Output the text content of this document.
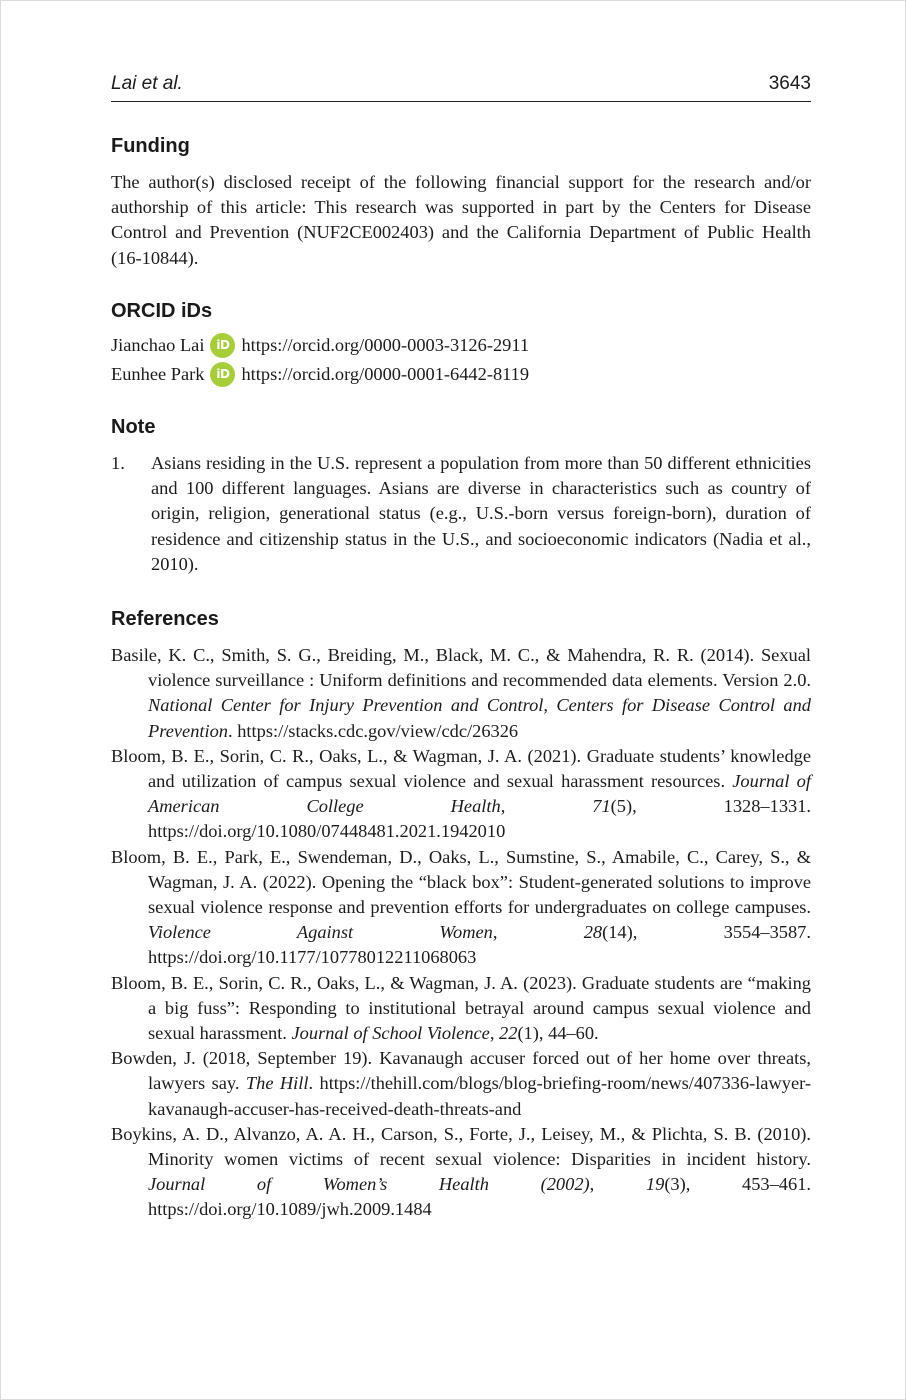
Lai et al.	3643
Funding

The author(s) disclosed receipt of the following financial support for the research and/or authorship of this article: This research was supported in part by the Centers for Disease Control and Prevention (NUF2CE002403) and the California Department of Public Health (16-10844).

ORCID iDs
Jianchao Lai iD https://orcid.org/0000-0003-3126-2911
Eunhee Park iD https://orcid.org/0000-0001-6442-8119
Note
1.	Asians residing in the U.S. represent a population from more than 50 different ethnicities and 100 different languages. Asians are diverse in characteristics such as country of origin, religion, generational status (e.g., U.S.-born versus foreign-born), duration of residence and citizenship status in the U.S., and socioeconomic indicators (Nadia et al., 2010).
References

Basile, K. C., Smith, S. G., Breiding, M., Black, M. C., & Mahendra, R. R. (2014). Sexual violence surveillance : Uniform definitions and recommended data elements. Version 2.0. National Center for Injury Prevention and Control, Centers for Disease Control and Prevention. https://stacks.cdc.gov/view/cdc/26326

Bloom, B. E., Sorin, C. R., Oaks, L., & Wagman, J. A. (2021). Graduate students’ knowledge and utilization of campus sexual violence and sexual harassment resources. Journal of American College Health, 71(5), 1328–1331. https://doi.org/10.1080/07448481.2021.1942010

Bloom, B. E., Park, E., Swendeman, D., Oaks, L., Sumstine, S., Amabile, C., Carey, S., & Wagman, J. A. (2022). Opening the “black box”: Student-generated solutions to improve sexual violence response and prevention efforts for undergraduates on college campuses. Violence Against Women, 28(14), 3554–3587. https://doi.org/10.1177/10778012211068063

Bloom, B. E., Sorin, C. R., Oaks, L., & Wagman, J. A. (2023). Graduate students are “making a big fuss”: Responding to institutional betrayal around campus sexual violence and sexual harassment. Journal of School Violence, 22(1), 44–60.

Bowden, J. (2018, September 19). Kavanaugh accuser forced out of her home over threats, lawyers say. The Hill. https://thehill.com/blogs/blog-briefing-room/news/407336-lawyer-kavanaugh-accuser-has-received-death-threats-and

Boykins, A. D., Alvanzo, A. A. H., Carson, S., Forte, J., Leisey, M., & Plichta, S. B. (2010). Minority women victims of recent sexual violence: Disparities in incident history. Journal of Women’s Health (2002), 19(3), 453–461. https://doi.org/10.1089/jwh.2009.1484
